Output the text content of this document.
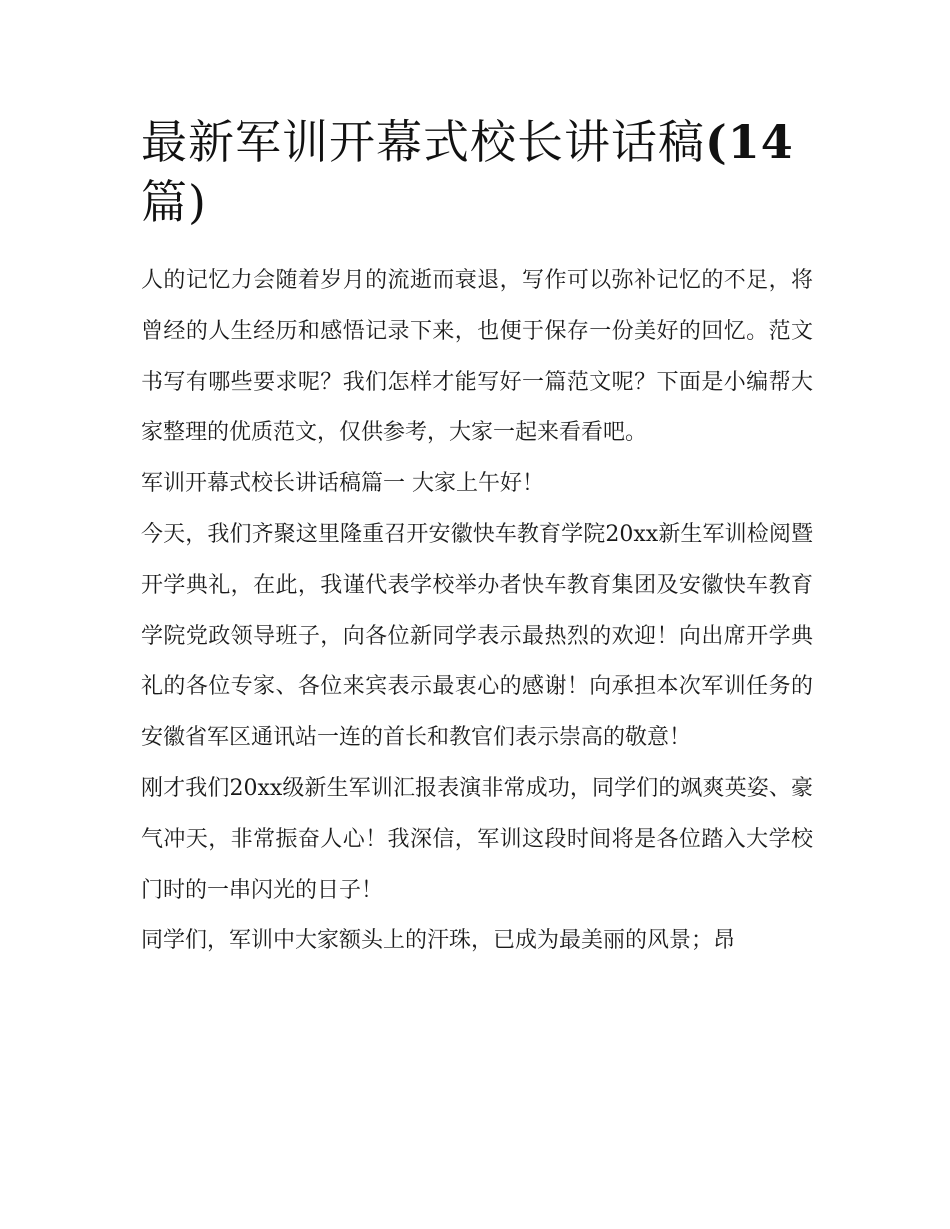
最新军训开幕式校长讲话稿(14篇)

人的记忆力会随着岁月的流逝而衰退，写作可以弥补记忆的不足，将曾经的人生经历和感悟记录下来，也便于保存一份美好的回忆。范文书写有哪些要求呢？我们怎样才能写好一篇范文呢？下面是小编帮大家整理的优质范文，仅供参考，大家一起来看看吧。

军训开幕式校长讲话稿篇一 大家上午好！

今天，我们齐聚这里隆重召开安徽快车教育学院20xx新生军训检阅暨开学典礼，在此，我谨代表学校举办者快车教育集团及安徽快车教育学院党政领导班子，向各位新同学表示最热烈的欢迎！向出席开学典礼的各位专家、各位来宾表示最衷心的感谢！向承担本次军训任务的安徽省军区通讯站一连的首长和教官们表示崇高的敬意！

刚才我们20xx级新生军训汇报表演非常成功，同学们的飒爽英姿、豪气冲天，非常振奋人心！我深信，军训这段时间将是各位踏入大学校门时的一串闪光的日子！

同学们，军训中大家额头上的汗珠，已成为最美丽的风景；昂
